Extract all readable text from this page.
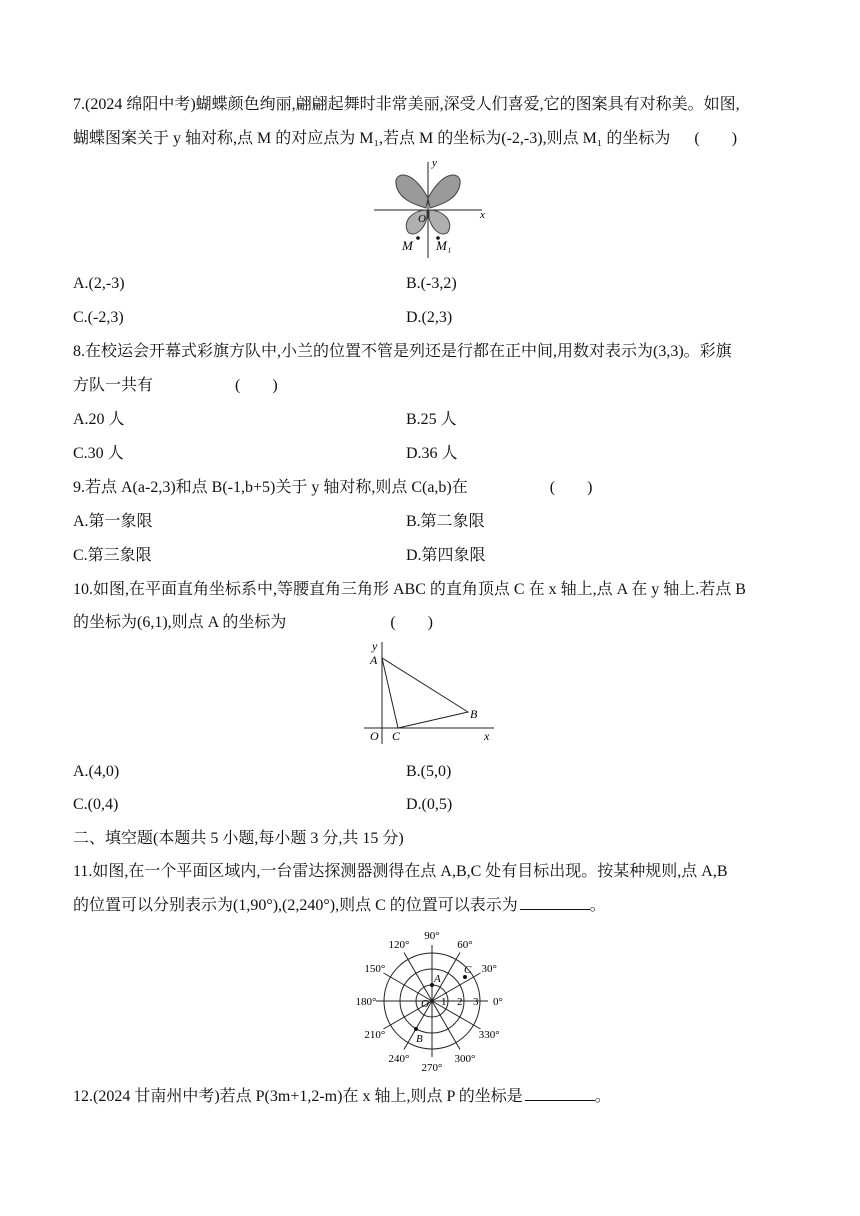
7.(2024 绵阳中考)蝴蝶颜色绚丽,翩翩起舞时非常美丽,深受人们喜爱,它的图案具有对称美。如图,
蝴蝶图案关于 y 轴对称,点 M 的对应点为 M₁,若点 M 的坐标为(-2,-3),则点 M₁ 的坐标为 (　　)
y
x
O
M M₁
A.(2,-3)	B.(-3,2)
C.(-2,3)	D.(2,3)
8.在校运会开幕式彩旗方队中,小兰的位置不管是列还是行都在正中间,用数对表示为(3,3)。彩旗
方队一共有	(　　)
A.20 人	B.25 人
C.30 人	D.36 人
9.若点 A(a-2,3)和点 B(-1,b+5)关于 y 轴对称,则点 C(a,b)在	(　　)
A.第一象限	B.第二象限
C.第三象限	D.第四象限
10.如图,在平面直角坐标系中,等腰直角三角形 ABC 的直角顶点 C 在 x 轴上,点 A 在 y 轴上.若点 B
的坐标为(6,1),则点 A 的坐标为	(　　)
y
A
B
O C	x
A.(4,0)	B.(5,0)
C.(0,4)	D.(0,5)
二、填空题(本题共 5 小题,每小题 3 分,共 15 分)
11.如图,在一个平面区域内,一台雷达探测器测得在点 A,B,C 处有目标出现。按某种规则,点 A,B
的位置可以分别表示为(1,90°),(2,240°),则点 C 的位置可以表示为	。
0°
30°
60°
90°
120°
150°
180°
210°
240°
270°
300°
330°
1 2 3
O
A
B
C
12.(2024 甘南州中考)若点 P(3m+1,2-m)在 x 轴上,则点 P 的坐标是	。
